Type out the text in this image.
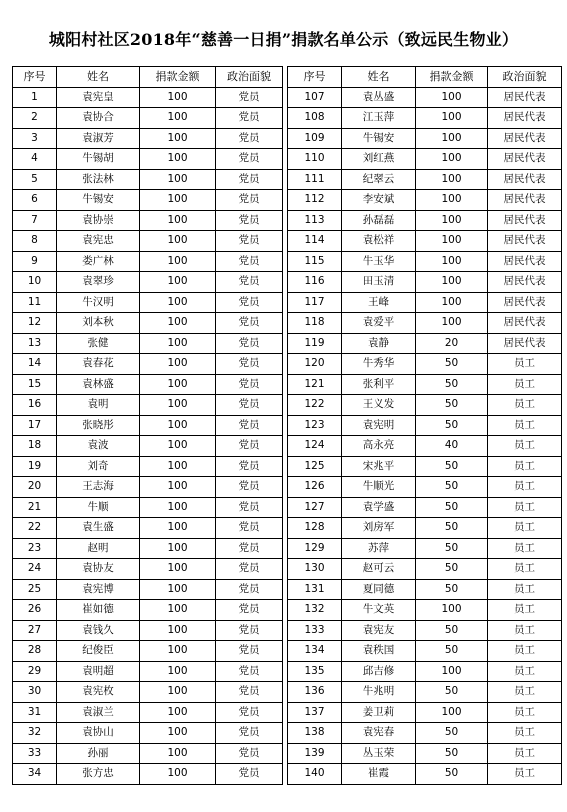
城阳村社区2018年“慈善一日捐”捐款名单公示（致远民生物业）
序号	姓名	捐款金额	政治面貌
1	袁宪皇	100	党员
2	袁协合	100	党员
3	袁淑芳	100	党员
4	牛锡胡	100	党员
5	张法林	100	党员
6	牛锡安	100	党员
7	袁协崇	100	党员
8	袁宪忠	100	党员
9	娄广林	100	党员
10	袁翠珍	100	党员
11	牛汉明	100	党员
12	刘本秋	100	党员
13	张健	100	党员
14	袁春花	100	党员
15	袁林盛	100	党员
16	袁明	100	党员
17	张晓彤	100	党员
18	袁波	100	党员
19	刘奇	100	党员
20	王志海	100	党员
21	牛顺	100	党员
22	袁生盛	100	党员
23	赵明	100	党员
24	袁协友	100	党员
25	袁宪博	100	党员
26	崔如德	100	党员
27	袁钱久	100	党员
28	纪俊臣	100	党员
29	袁明超	100	党员
30	袁宪枚	100	党员
31	袁淑兰	100	党员
32	袁协山	100	党员
33	孙丽	100	党员
34	张方忠	100	党员
序号	姓名	捐款金额	政治面貌
107	袁丛盛	100	居民代表
108	江玉萍	100	居民代表
109	牛锡安	100	居民代表
110	刘红燕	100	居民代表
111	纪翠云	100	居民代表
112	李安斌	100	居民代表
113	孙磊磊	100	居民代表
114	袁松祥	100	居民代表
115	牛玉华	100	居民代表
116	田玉清	100	居民代表
117	王峰	100	居民代表
118	袁爱平	100	居民代表
119	袁静	20	居民代表
120	牛秀华	50	员工
121	张利平	50	员工
122	王义发	50	员工
123	袁宪明	50	员工
124	高永亮	40	员工
125	宋兆平	50	员工
126	牛顺光	50	员工
127	袁学盛	50	员工
128	刘房军	50	员工
129	苏萍	50	员工
130	赵可云	50	员工
131	夏同德	50	员工
132	牛文英	100	员工
133	袁宪友	50	员工
134	袁秩国	50	员工
135	邱吉修	100	员工
136	牛兆明	50	员工
137	姜卫莉	100	员工
138	袁宪春	50	员工
139	丛玉荣	50	员工
140	崔霞	50	员工
